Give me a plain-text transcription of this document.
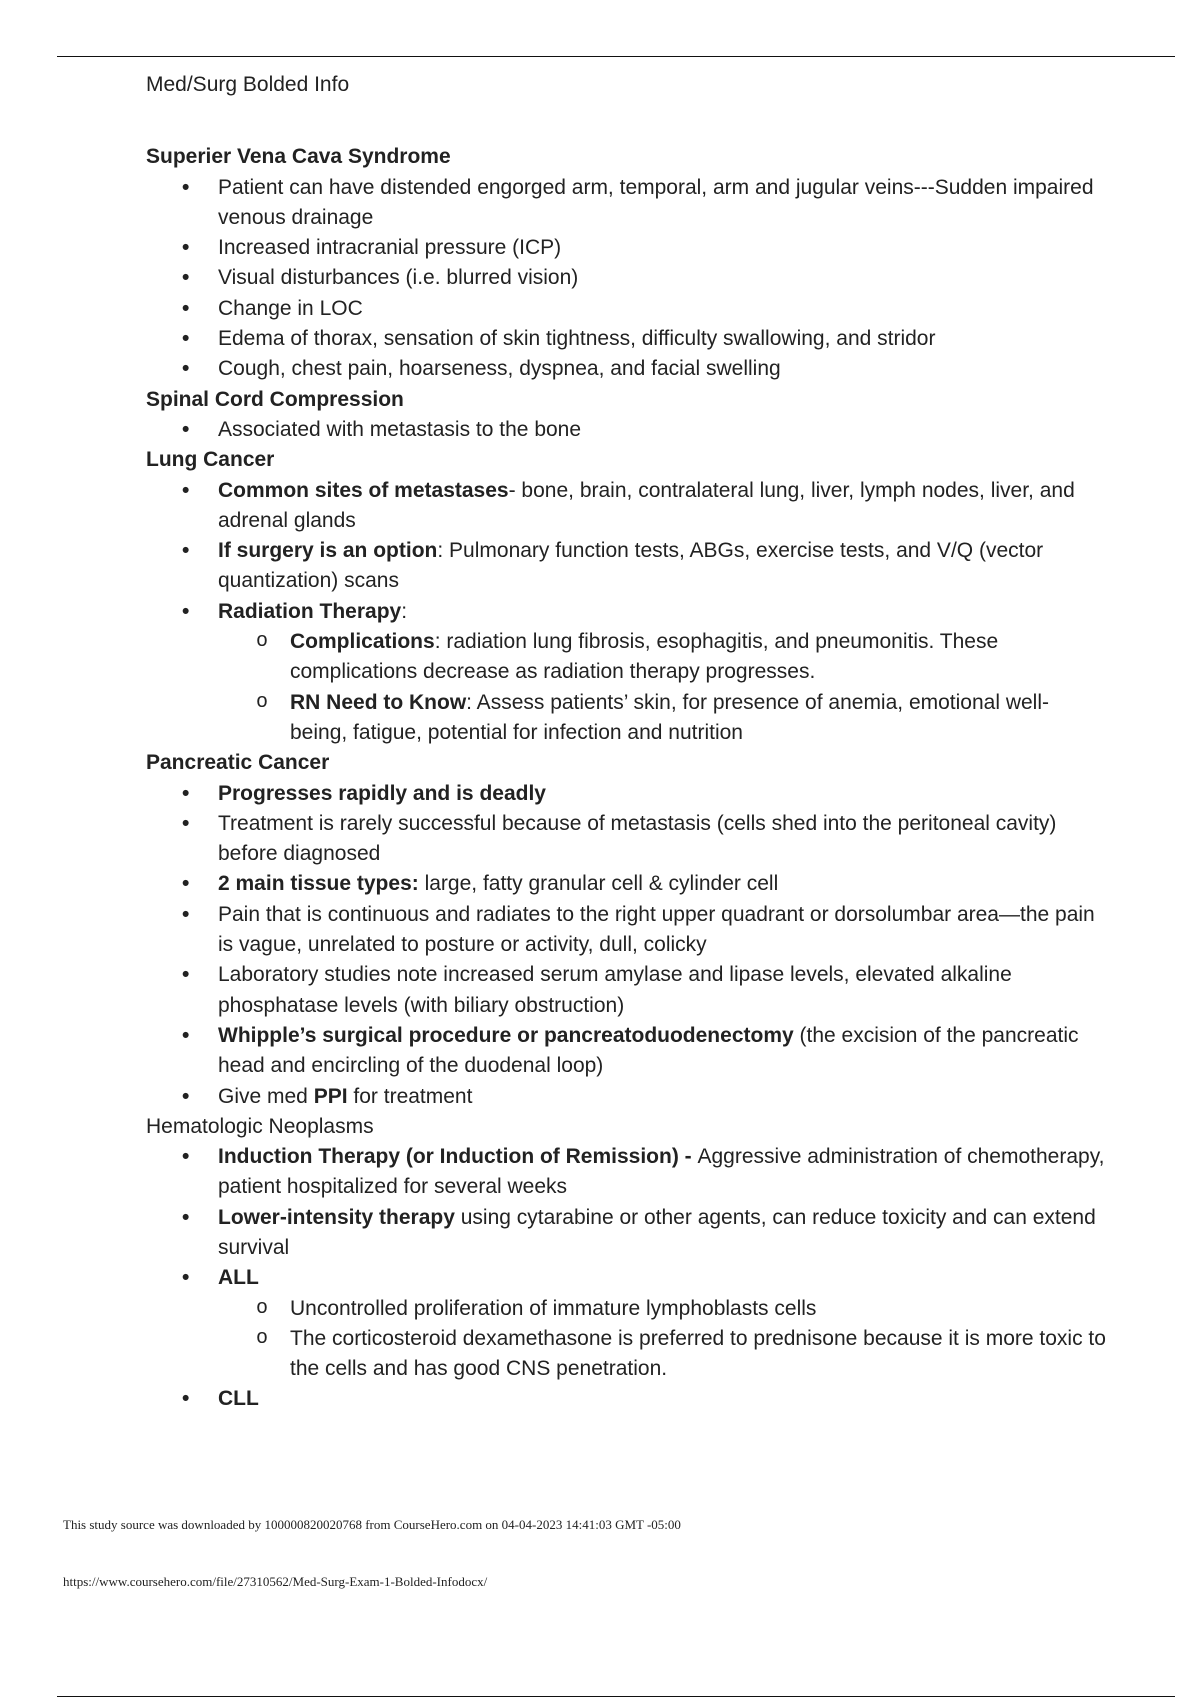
Med/Surg Bolded Info

Superier Vena Cava Syndrome

• Patient can have distended engorged arm, temporal, arm and jugular veins---Sudden impaired venous drainage
• Increased intracranial pressure (ICP)
• Visual disturbances (i.e. blurred vision)
• Change in LOC
• Edema of thorax, sensation of skin tightness, difficulty swallowing, and stridor
• Cough, chest pain, hoarseness, dyspnea, and facial swelling

Spinal Cord Compression

• Associated with metastasis to the bone

Lung Cancer

• Common sites of metastases- bone, brain, contralateral lung, liver, lymph nodes, liver, and adrenal glands
• If surgery is an option: Pulmonary function tests, ABGs, exercise tests, and V/Q (vector quantization) scans
• Radiation Therapy:
o Complications: radiation lung fibrosis, esophagitis, and pneumonitis. These complications decrease as radiation therapy progresses.
o RN Need to Know: Assess patients’ skin, for presence of anemia, emotional well-being, fatigue, potential for infection and nutrition

Pancreatic Cancer

• Progresses rapidly and is deadly
• Treatment is rarely successful because of metastasis (cells shed into the peritoneal cavity) before diagnosed
• 2 main tissue types: large, fatty granular cell & cylinder cell
• Pain that is continuous and radiates to the right upper quadrant or dorsolumbar area—the pain is vague, unrelated to posture or activity, dull, colicky
• Laboratory studies note increased serum amylase and lipase levels, elevated alkaline phosphatase levels (with biliary obstruction)
• Whipple’s surgical procedure or pancreatoduodenectomy (the excision of the pancreatic head and encircling of the duodenal loop)
• Give med PPI for treatment

Hematologic Neoplasms

• Induction Therapy (or Induction of Remission) - Aggressive administration of chemotherapy, patient hospitalized for several weeks
• Lower-intensity therapy using cytarabine or other agents, can reduce toxicity and can extend survival
• ALL
o Uncontrolled proliferation of immature lymphoblasts cells
o The corticosteroid dexamethasone is preferred to prednisone because it is more toxic to the cells and has good CNS penetration.
• CLL
This study source was downloaded by 100000820020768 from CourseHero.com on 04-04-2023 14:41:03 GMT -05:00
https://www.coursehero.com/file/27310562/Med-Surg-Exam-1-Bolded-Infodocx/
